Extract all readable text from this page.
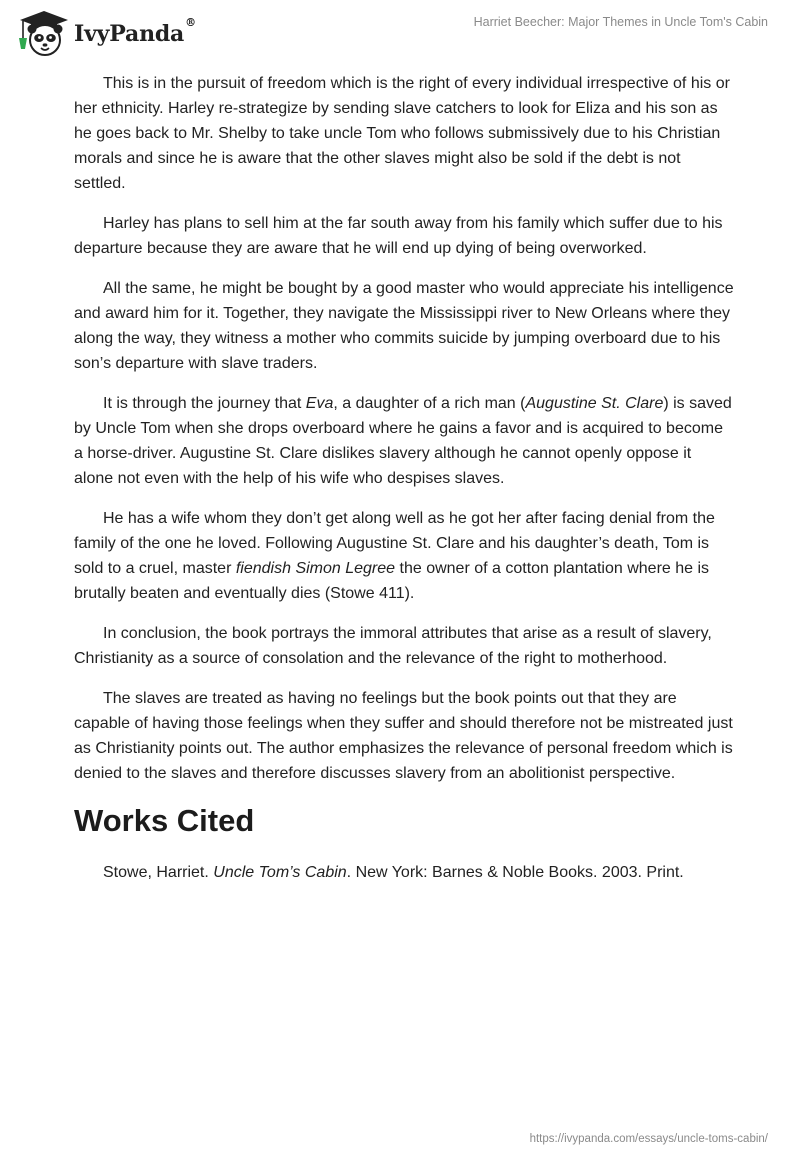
IvyPanda®	Harriet Beecher: Major Themes in Uncle Tom's Cabin

This is in the pursuit of freedom which is the right of every individual irrespective of his or her ethnicity. Harley re-strategize by sending slave catchers to look for Eliza and his son as he goes back to Mr. Shelby to take uncle Tom who follows submissively due to his Christian morals and since he is aware that the other slaves might also be sold if the debt is not settled.

Harley has plans to sell him at the far south away from his family which suffer due to his departure because they are aware that he will end up dying of being overworked.

All the same, he might be bought by a good master who would appreciate his intelligence and award him for it. Together, they navigate the Mississippi river to New Orleans where they along the way, they witness a mother who commits suicide by jumping overboard due to his son’s departure with slave traders.

It is through the journey that Eva, a daughter of a rich man (Augustine St. Clare) is saved by Uncle Tom when she drops overboard where he gains a favor and is acquired to become a horse-driver. Augustine St. Clare dislikes slavery although he cannot openly oppose it alone not even with the help of his wife who despises slaves.

He has a wife whom they don’t get along well as he got her after facing denial from the family of the one he loved. Following Augustine St. Clare and his daughter’s death, Tom is sold to a cruel, master fiendish Simon Legree the owner of a cotton plantation where he is brutally beaten and eventually dies (Stowe 411).

In conclusion, the book portrays the immoral attributes that arise as a result of slavery, Christianity as a source of consolation and the relevance of the right to motherhood.

The slaves are treated as having no feelings but the book points out that they are capable of having those feelings when they suffer and should therefore not be mistreated just as Christianity points out. The author emphasizes the relevance of personal freedom which is denied to the slaves and therefore discusses slavery from an abolitionist perspective.

Works Cited

Stowe, Harriet. Uncle Tom’s Cabin. New York: Barnes & Noble Books. 2003. Print.

https://ivypanda.com/essays/uncle-toms-cabin/
